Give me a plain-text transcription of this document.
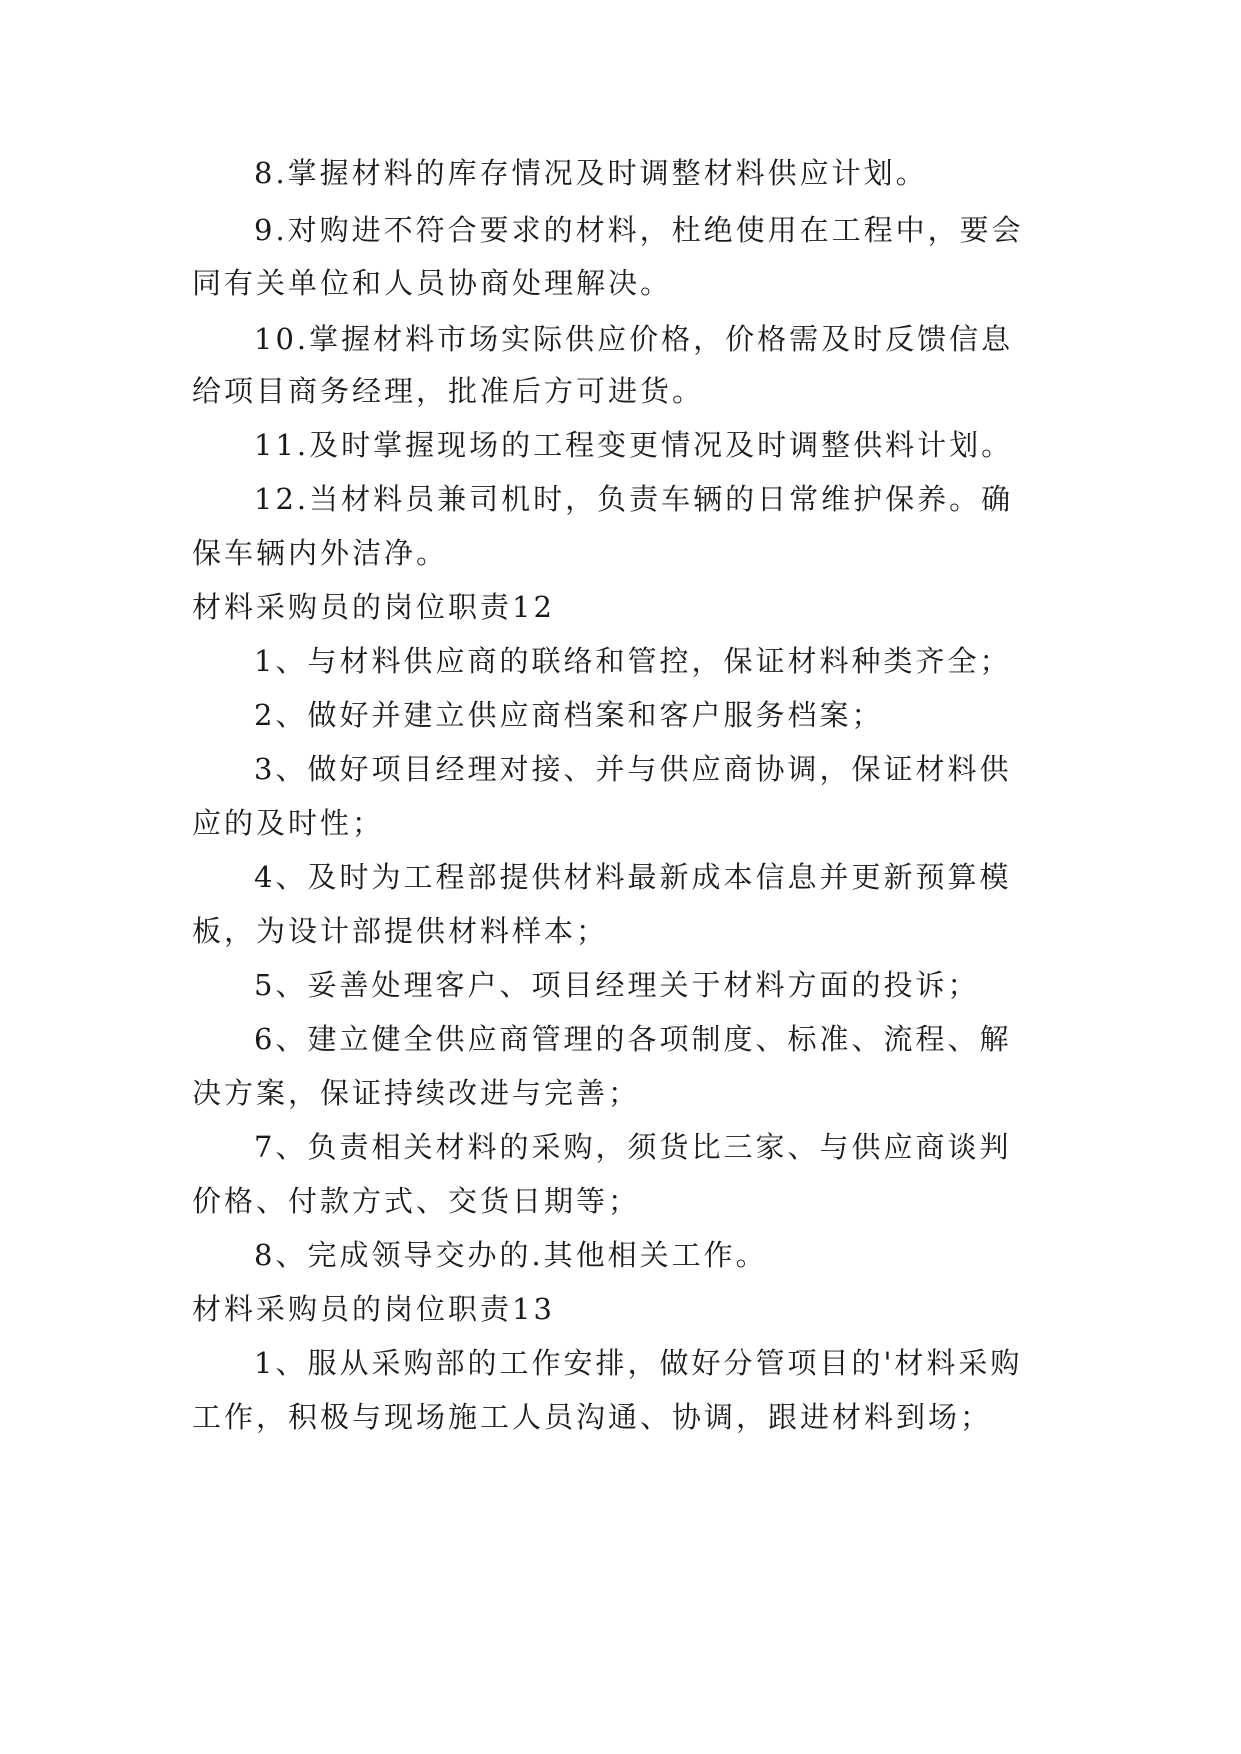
8.掌握材料的库存情况及时调整材料供应计划。
9.对购进不符合要求的材料，杜绝使用在工程中，要会
同有关单位和人员协商处理解决。
10.掌握材料市场实际供应价格，价格需及时反馈信息
给项目商务经理，批准后方可进货。
11.及时掌握现场的工程变更情况及时调整供料计划。
12.当材料员兼司机时，负责车辆的日常维护保养。确
保车辆内外洁净。
材料采购员的岗位职责12
1、与材料供应商的联络和管控，保证材料种类齐全；
2、做好并建立供应商档案和客户服务档案；
3、做好项目经理对接、并与供应商协调，保证材料供
应的及时性；
4、及时为工程部提供材料最新成本信息并更新预算模
板，为设计部提供材料样本；
5、妥善处理客户、项目经理关于材料方面的投诉；
6、建立健全供应商管理的各项制度、标准、流程、解
决方案，保证持续改进与完善；
7、负责相关材料的采购，须货比三家、与供应商谈判
价格、付款方式、交货日期等；
8、完成领导交办的.其他相关工作。
材料采购员的岗位职责13
1、服从采购部的工作安排，做好分管项目的'材料采购
工作，积极与现场施工人员沟通、协调，跟进材料到场；
